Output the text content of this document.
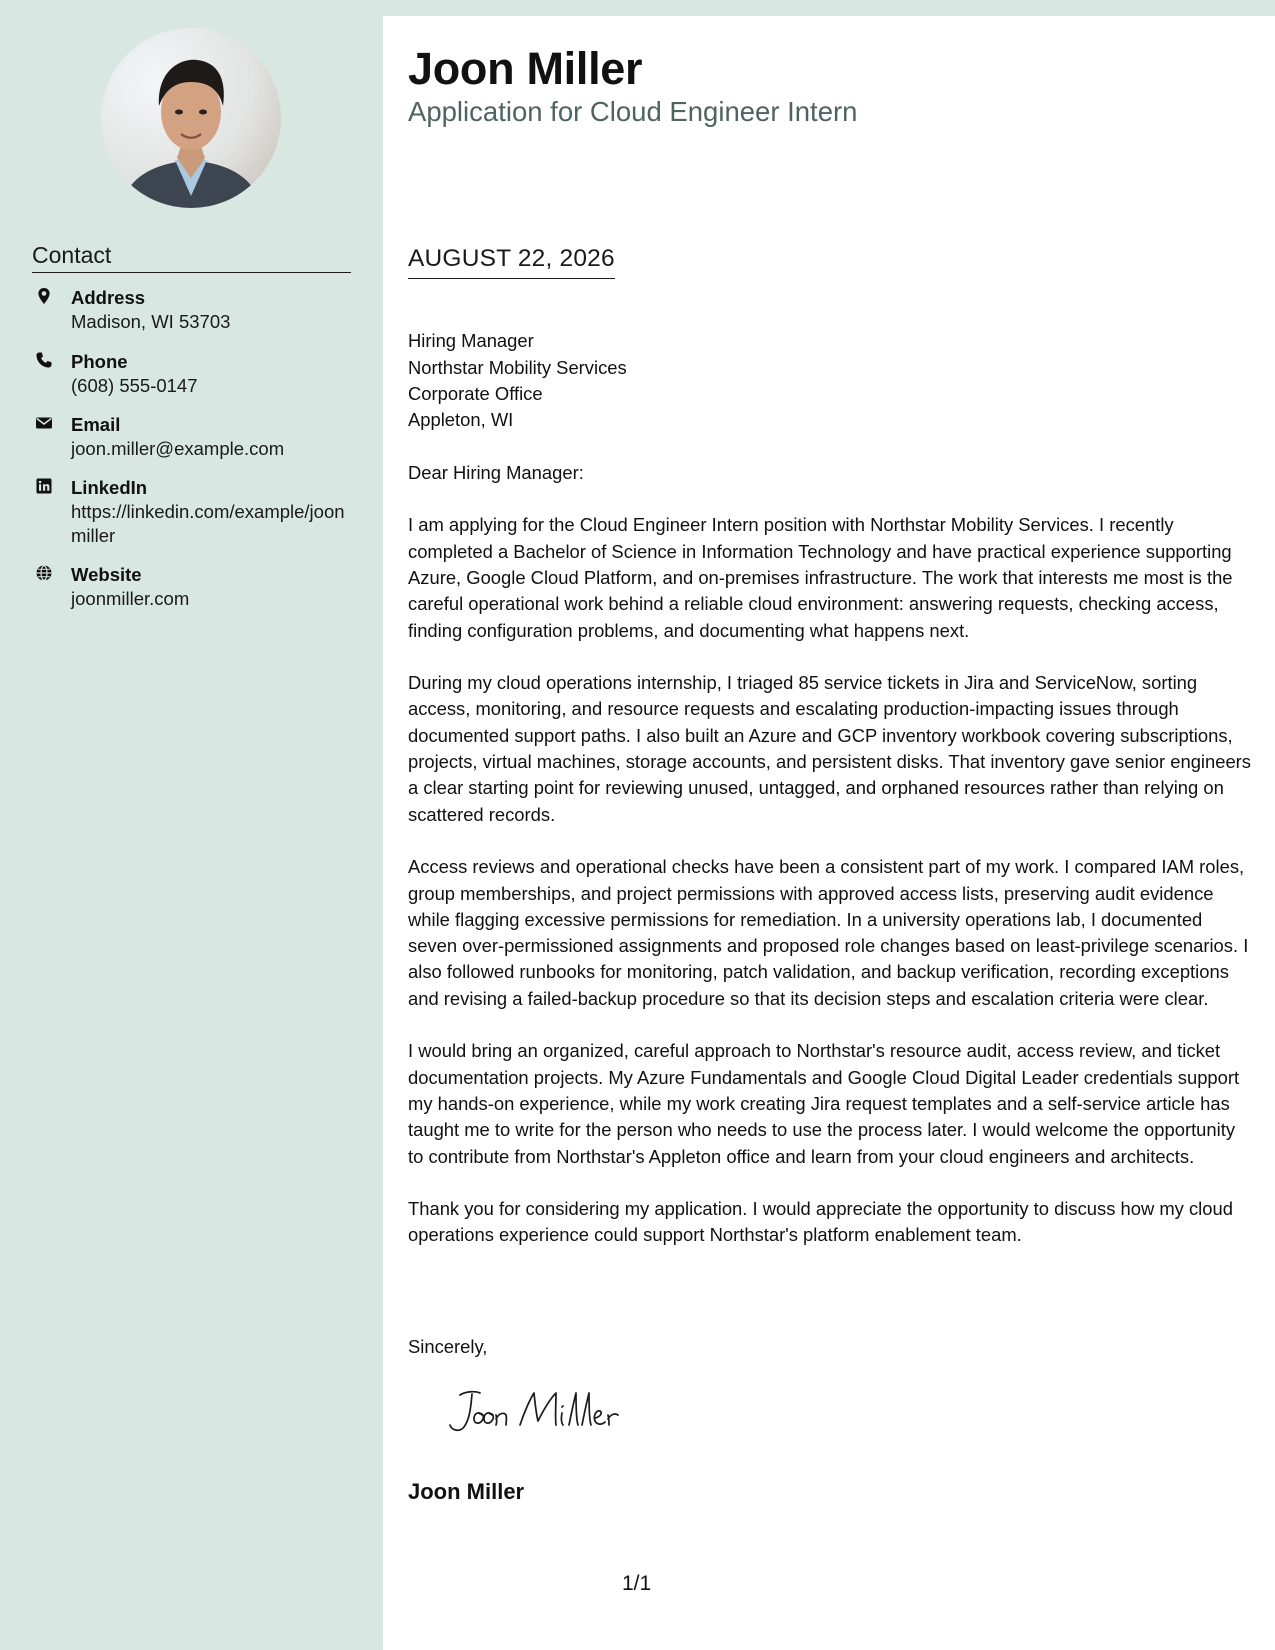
Contact
Address
Madison, WI 53703
Phone
(608) 555-0147
Email
joon.miller@example.com
LinkedIn
https://linkedin.com/example/joonmiller
Website
joonmiller.com
Joon Miller
Application for Cloud Engineer Intern
AUGUST 22, 2026

Hiring Manager
Northstar Mobility Services
Corporate Office
Appleton, WI

Dear Hiring Manager:

I am applying for the Cloud Engineer Intern position with Northstar Mobility Services. I recently completed a Bachelor of Science in Information Technology and have practical experience supporting Azure, Google Cloud Platform, and on-premises infrastructure. The work that interests me most is the careful operational work behind a reliable cloud environment: answering requests, checking access, finding configuration problems, and documenting what happens next.

During my cloud operations internship, I triaged 85 service tickets in Jira and ServiceNow, sorting access, monitoring, and resource requests and escalating production-impacting issues through documented support paths. I also built an Azure and GCP inventory workbook covering subscriptions, projects, virtual machines, storage accounts, and persistent disks. That inventory gave senior engineers a clear starting point for reviewing unused, untagged, and orphaned resources rather than relying on scattered records.

Access reviews and operational checks have been a consistent part of my work. I compared IAM roles, group memberships, and project permissions with approved access lists, preserving audit evidence while flagging excessive permissions for remediation. In a university operations lab, I documented seven over-permissioned assignments and proposed role changes based on least-privilege scenarios. I also followed runbooks for monitoring, patch validation, and backup verification, recording exceptions and revising a failed-backup procedure so that its decision steps and escalation criteria were clear.

I would bring an organized, careful approach to Northstar's resource audit, access review, and ticket documentation projects. My Azure Fundamentals and Google Cloud Digital Leader credentials support my hands-on experience, while my work creating Jira request templates and a self-service article has taught me to write for the person who needs to use the process later. I would welcome the opportunity to contribute from Northstar's Appleton office and learn from your cloud engineers and architects.

Thank you for considering my application. I would appreciate the opportunity to discuss how my cloud operations experience could support Northstar's platform enablement team.

Sincerely,
Joon Miller
1/1
